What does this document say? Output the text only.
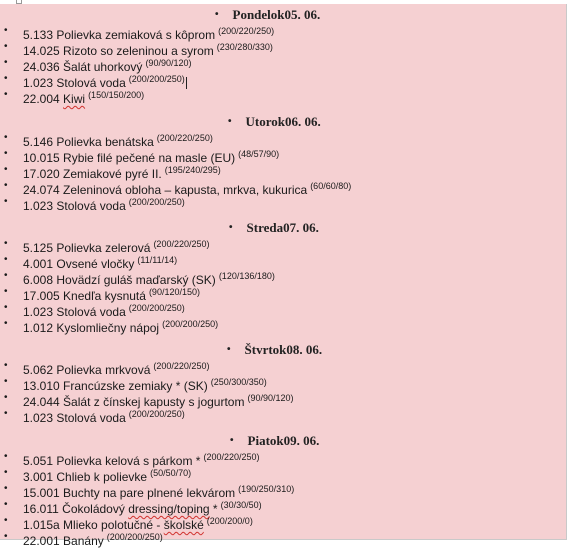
• Pondelok05. 06.
• 5.133 Polievka zemiaková s kôprom $^{(200/220/250)}$
• 14.025 Rizoto so zeleninou a syrom $^{(230/280/330)}$
• 24.036 Šalát uhorkový $^{(90/90/120)}$
• 1.023 Stolová voda $^{(200/200/250)}$
• 22.004 Kiwi $^{(150/150/200)}$
• Utorok06. 06.
• 5.146 Polievka benátska $^{(200/220/250)}$
• 10.015 Rybie filé pečené na masle (EU) $^{(48/57/90)}$
• 17.020 Zemiakové pyré II. $^{(195/240/295)}$
• 24.074 Zeleninová obloha – kapusta, mrkva, kukurica $^{(60/60/80)}$
• 1.023 Stolová voda $^{(200/200/250)}$
• Streda07. 06.
• 5.125 Polievka zelerová $^{(200/220/250)}$
• 4.001 Ovsené vločky $^{(11/11/14)}$
• 6.008 Hovädzí guláš maďarský (SK) $^{(120/136/180)}$
• 17.005 Knedľa kysnutá $^{(90/120/150)}$
• 1.023 Stolová voda $^{(200/200/250)}$
• 1.012 Kyslomliečny nápoj $^{(200/200/250)}$
• Štvrtok08. 06.
• 5.062 Polievka mrkvová $^{(200/220/250)}$
• 13.010 Francúzske zemiaky * (SK) $^{(250/300/350)}$
• 24.044 Šalát z čínskej kapusty s jogurtom $^{(90/90/120)}$
• 1.023 Stolová voda $^{(200/200/250)}$
• Piatok09. 06.
• 5.051 Polievka kelová s párkom * $^{(200/220/250)}$
• 3.001 Chlieb k polievke $^{(50/50/70)}$
• 15.001 Buchty na pare plnené lekvárom $^{(190/250/310)}$
• 16.011 Čokoládový dressing/toping * $^{(30/30/50)}$
• 1.015a Mlieko polotučné - školské $^{(200/200/0)}$
• 22.001 Banány $^{(200/200/250)}$
